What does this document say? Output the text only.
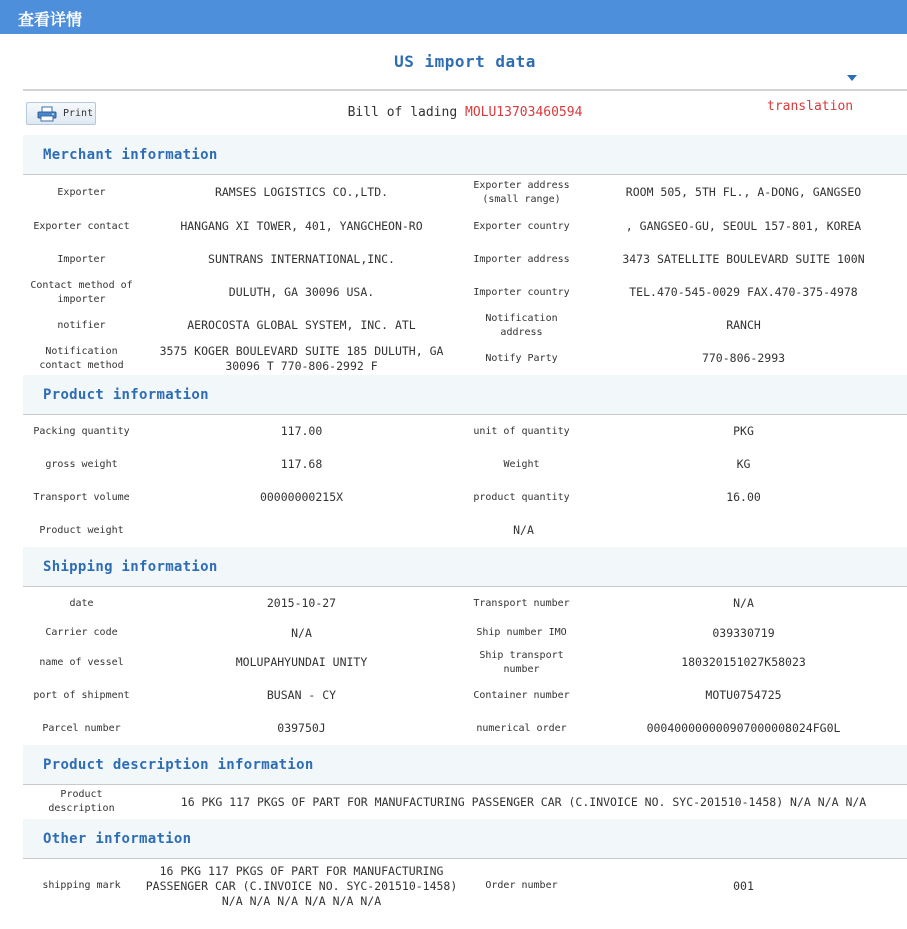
查看详情
US import data
Bill of lading MOLU13703460594
Print	translation
Merchant information
Exporter	RAMSES LOGISTICS CO.,LTD.	Exporter address (small range)	ROOM 505, 5TH FL., A-DONG, GANGSEO
Exporter contact	HANGANG XI TOWER, 401, YANGCHEON-RO	Exporter country	, GANGSEO-GU, SEOUL 157-801, KOREA
Importer	SUNTRANS INTERNATIONAL,INC.	Importer address	3473 SATELLITE BOULEVARD SUITE 100N
Contact method of importer	DULUTH, GA 30096 USA.	Importer country	TEL.470-545-0029 FAX.470-375-4978
notifier	AEROCOSTA GLOBAL SYSTEM, INC. ATL	Notification address	RANCH
Notification contact method	3575 KOGER BOULEVARD SUITE 185 DULUTH, GA 30096 T 770-806-2992 F	Notify Party	770-806-2993
Product information
Packing quantity	117.00	unit of quantity	PKG
gross weight	117.68	Weight	KG
Transport volume	00000000215X	product quantity	16.00
Product weight	N/A		
Shipping information
date	2015-10-27	Transport number	N/A
Carrier code	N/A	Ship number IMO	039330719
name of vessel	MOLUPAHYUNDAI UNITY	Ship transport number	180320151027K58023
port of shipment	BUSAN - CY	Container number	MOTU0754725
Parcel number	039750J	numerical order	000400000000907000008024FG0L
Product description information
Product description	16 PKG 117 PKGS OF PART FOR MANUFACTURING PASSENGER CAR (C.INVOICE NO. SYC-201510-1458) N/A N/A N/A
Other information
shipping mark	16 PKG 117 PKGS OF PART FOR MANUFACTURING PASSENGER CAR (C.INVOICE NO. SYC-201510-1458) N/A N/A N/A N/A N/A N/A	Order number	001
